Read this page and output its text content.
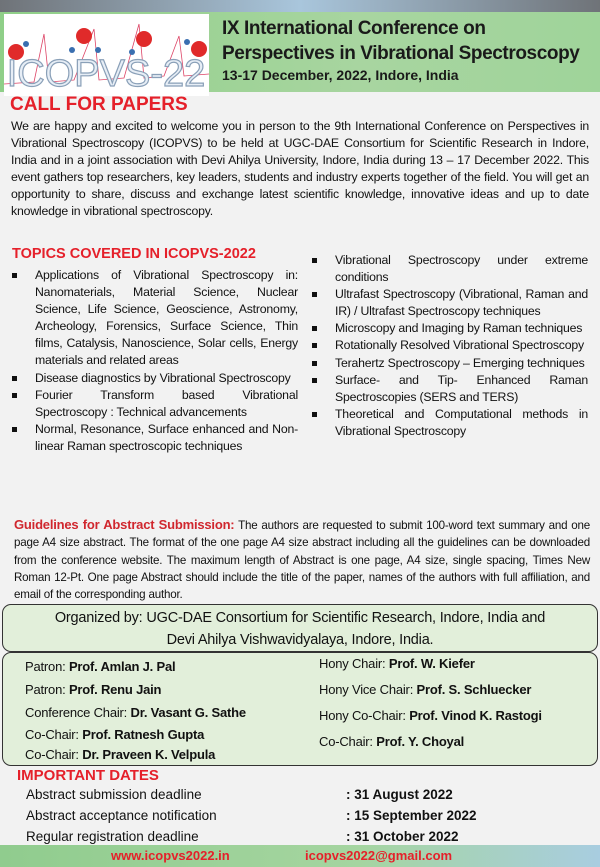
ICOPVS-22
IX International Conference on
Perspectives in Vibrational Spectroscopy
13-17 December, 2022, Indore, India
CALL FOR PAPERS
We are happy and excited to welcome you in person to the 9th International Conference on Perspectives in Vibrational Spectroscopy (ICOPVS) to be held at UGC-DAE Consortium for Scientific Research in Indore, India and in a joint association with Devi Ahilya University, Indore, India during 13 – 17 December 2022. This event gathers top researchers, key leaders, students and industry experts together of the field. You will get an opportunity to share, discuss and exchange latest scientific knowledge, innovative ideas and up to date knowledge in vibrational spectroscopy.
TOPICS COVERED IN ICOPVS-2022
Applications of Vibrational Spectroscopy in: Nanomaterials, Material Science, Nuclear Science, Life Science, Geoscience, Astronomy, Archeology, Forensics, Surface Science, Thin films, Catalysis, Nanoscience, Solar cells, Energy materials and related areas
Disease diagnostics by Vibrational Spectroscopy
Fourier Transform based Vibrational Spectroscopy : Technical advancements
Normal, Resonance, Surface enhanced and Non-linear Raman spectroscopic techniques
Vibrational Spectroscopy under extreme conditions
Ultrafast Spectroscopy (Vibrational, Raman and IR) / Ultrafast Spectroscopy techniques
Microscopy and Imaging by Raman techniques
Rotationally Resolved Vibrational Spectroscopy
Terahertz Spectroscopy – Emerging techniques
Surface- and Tip- Enhanced Raman Spectroscopies (SERS and TERS)
Theoretical and Computational methods in Vibrational Spectroscopy
Guidelines for Abstract Submission: The authors are requested to submit 100-word text summary and one page A4 size abstract. The format of the one page A4 size abstract including all the guidelines can be downloaded from the conference website. The maximum length of Abstract is one page, A4 size, single spacing, Times New Roman 12-Pt. One page Abstract should include the title of the paper, names of the authors with full affiliation, and email of the corresponding author.
Organized by: UGC-DAE Consortium for Scientific Research, Indore, India and
Devi Ahilya Vishwavidyalaya, Indore, India.
Patron: Prof. Amlan J. Pal
Patron: Prof. Renu Jain
Conference Chair: Dr. Vasant G. Sathe
Co-Chair: Prof. Ratnesh Gupta
Co-Chair: Dr. Praveen K. Velpula
Hony Chair: Prof. W. Kiefer
Hony Vice Chair: Prof. S. Schluecker
Hony Co-Chair: Prof. Vinod K. Rastogi
Co-Chair: Prof. Y. Choyal
IMPORTANT DATES
Abstract submission deadline	: 31 August 2022
Abstract acceptance notification	: 15 September 2022
Regular registration deadline	: 31 October 2022
www.icopvs2022.in	icopvs2022@gmail.com
